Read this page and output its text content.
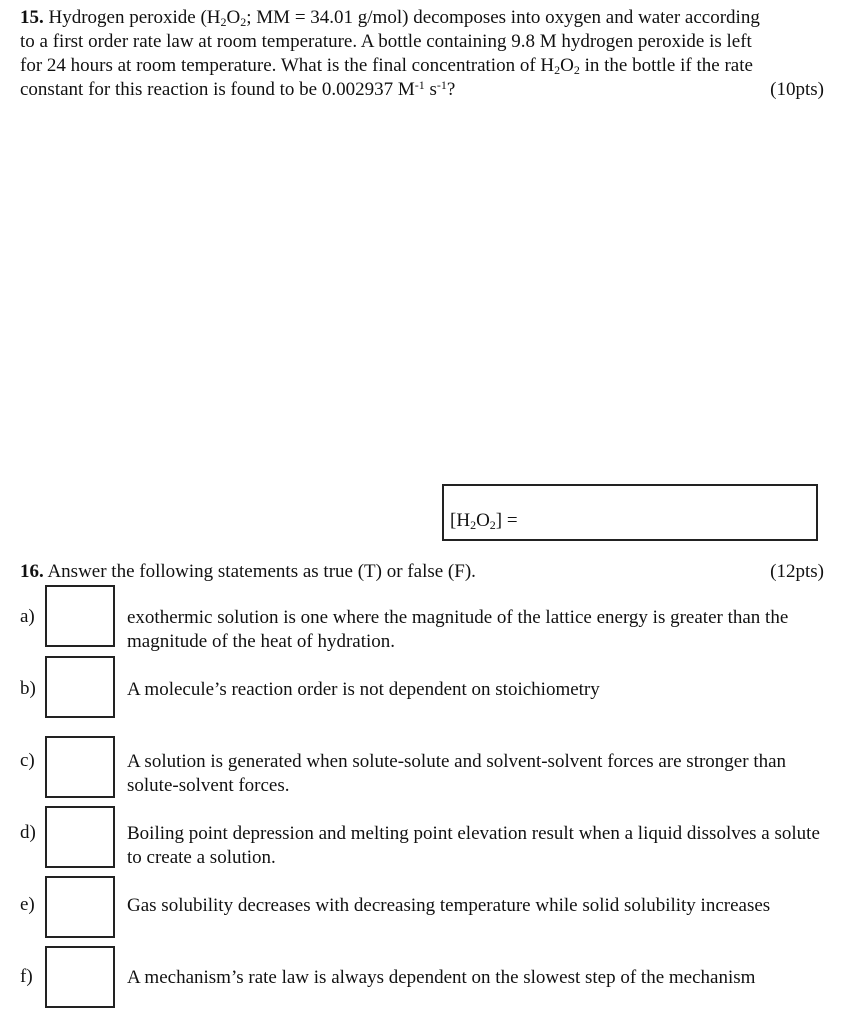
15. Hydrogen peroxide ($H_2O_2$; MM = 34.01 g/mol) decomposes into oxygen and water according
to a first order rate law at room temperature. A bottle containing 9.8 M hydrogen peroxide is left
for 24 hours at room temperature. What is the final concentration of $H_2O_2$ in the bottle if the rate
constant for this reaction is found to be 0.002937 $M^{-1}$ $s^{-1}$?	(10pts)
$[H_2O_2]$ =
16. Answer the following statements as true (T) or false (F).	(12pts)
a)	exothermic solution is one where the magnitude of the lattice energy is greater than the magnitude of the heat of hydration.
b)	A molecule’s reaction order is not dependent on stoichiometry
c)	A solution is generated when solute-solute and solvent-solvent forces are stronger than solute-solvent forces.
d)	Boiling point depression and melting point elevation result when a liquid dissolves a solute to create a solution.
e)	Gas solubility decreases with decreasing temperature while solid solubility increases
f)	A mechanism’s rate law is always dependent on the slowest step of the mechanism
